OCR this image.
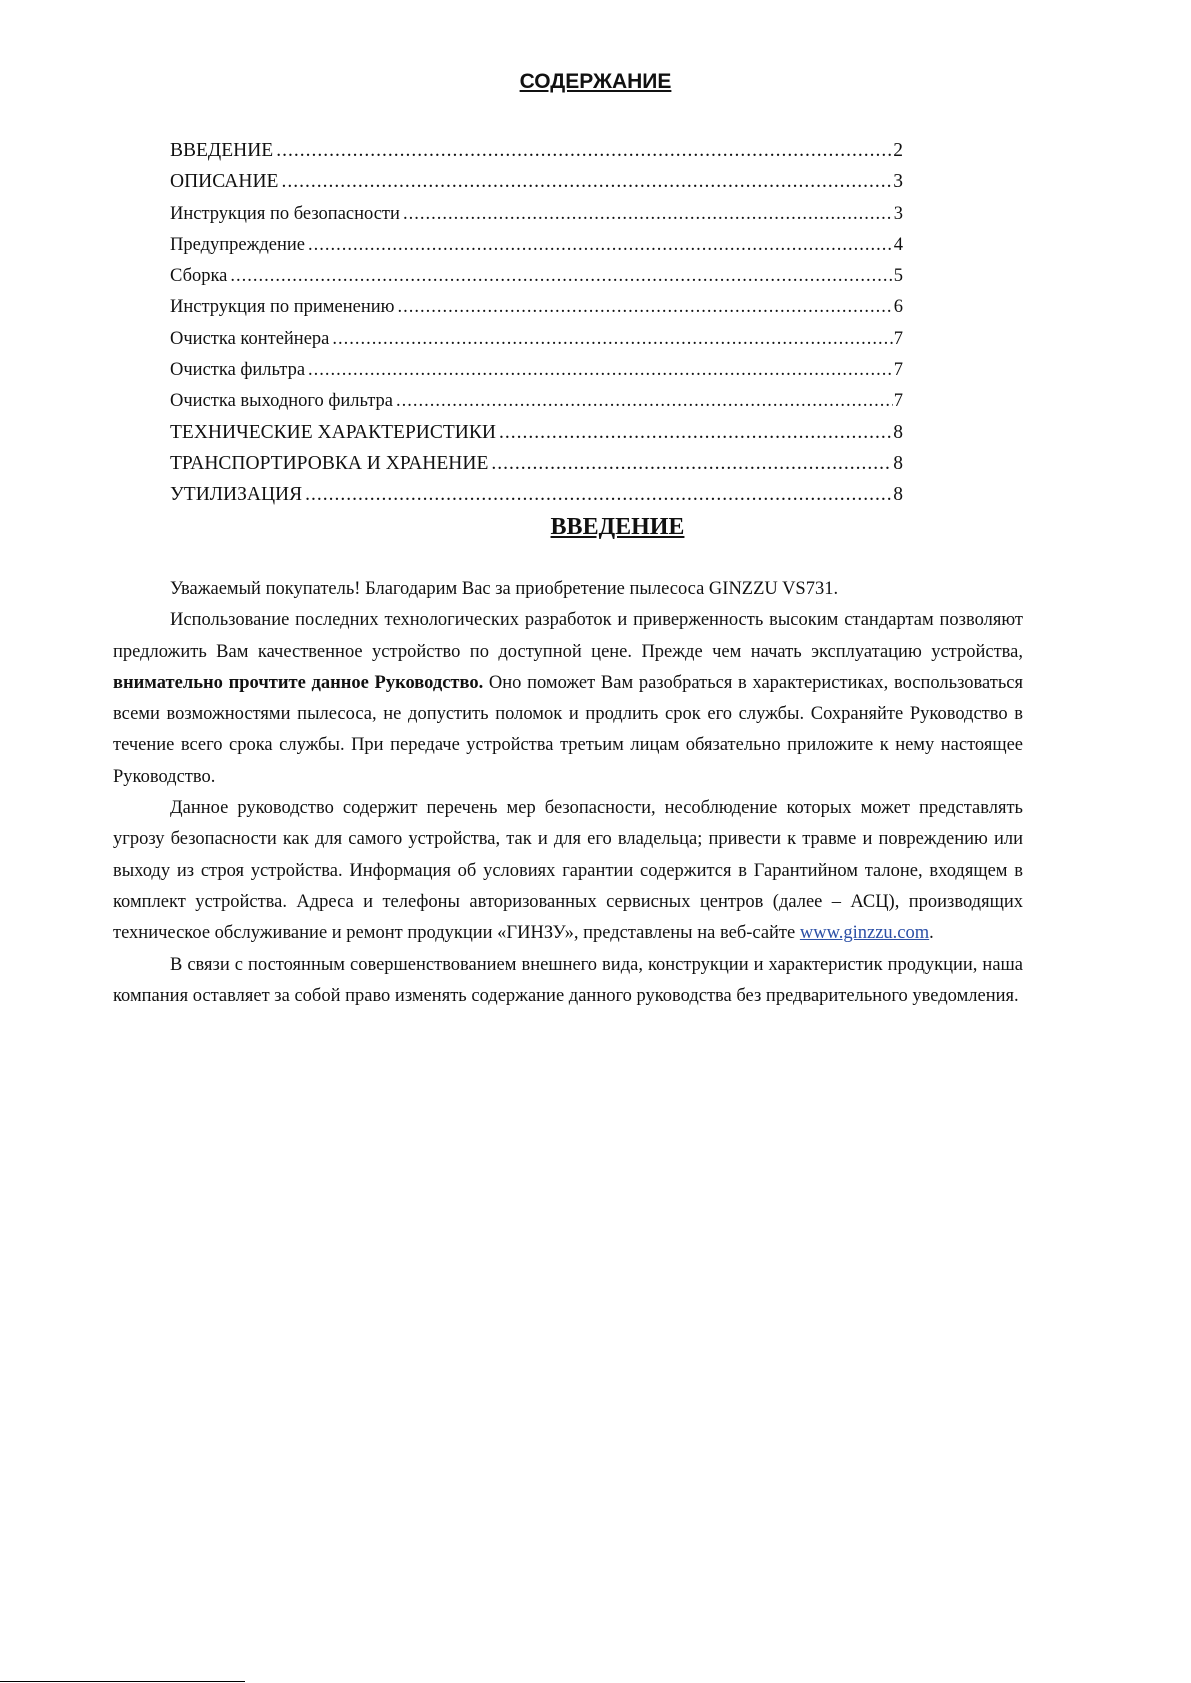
СОДЕРЖАНИЕ
ВВЕДЕНИЕ .....	2
ОПИСАНИЕ .....	3
Инструкция по безопасности .....	3
Предупреждение .....	4
Сборка .....	5
Инструкция по применению .....	6
Очистка контейнера .....	7
Очистка фильтра .....	7
Очистка выходного фильтра .....	7
ТЕХНИЧЕСКИЕ ХАРАКТЕРИСТИКИ .....	8
ТРАНСПОРТИРОВКА И ХРАНЕНИЕ .....	8
УТИЛИЗАЦИЯ .....	8
ВВЕДЕНИЕ

Уважаемый покупатель! Благодарим Вас за приобретение пылесоса GINZZU VS731.

Использование последних технологических разработок и приверженность высоким стандартам позволяют предложить Вам качественное устройство по доступной цене. Прежде чем начать эксплуатацию устройства, внимательно прочтите данное Руководство. Оно поможет Вам разобраться в характеристиках, воспользоваться всеми возможностями пылесоса, не допустить поломок и продлить срок его службы. Сохраняйте Руководство в течение всего срока службы. При передаче устройства третьим лицам обязательно приложите к нему настоящее Руководство.

Данное руководство содержит перечень мер безопасности, несоблюдение которых может представлять угрозу безопасности как для самого устройства, так и для его владельца; привести к травме и повреждению или выходу из строя устройства. Информация об условиях гарантии содержится в Гарантийном талоне, входящем в комплект устройства. Адреса и телефоны авторизованных сервисных центров (далее – АСЦ), производящих техническое обслуживание и ремонт продукции «ГИНЗУ», представлены на веб-сайте www.ginzzu.com.

В связи с постоянным совершенствованием внешнего вида, конструкции и характеристик продукции, наша компания оставляет за собой право изменять содержание данного руководства без предварительного уведомления.
